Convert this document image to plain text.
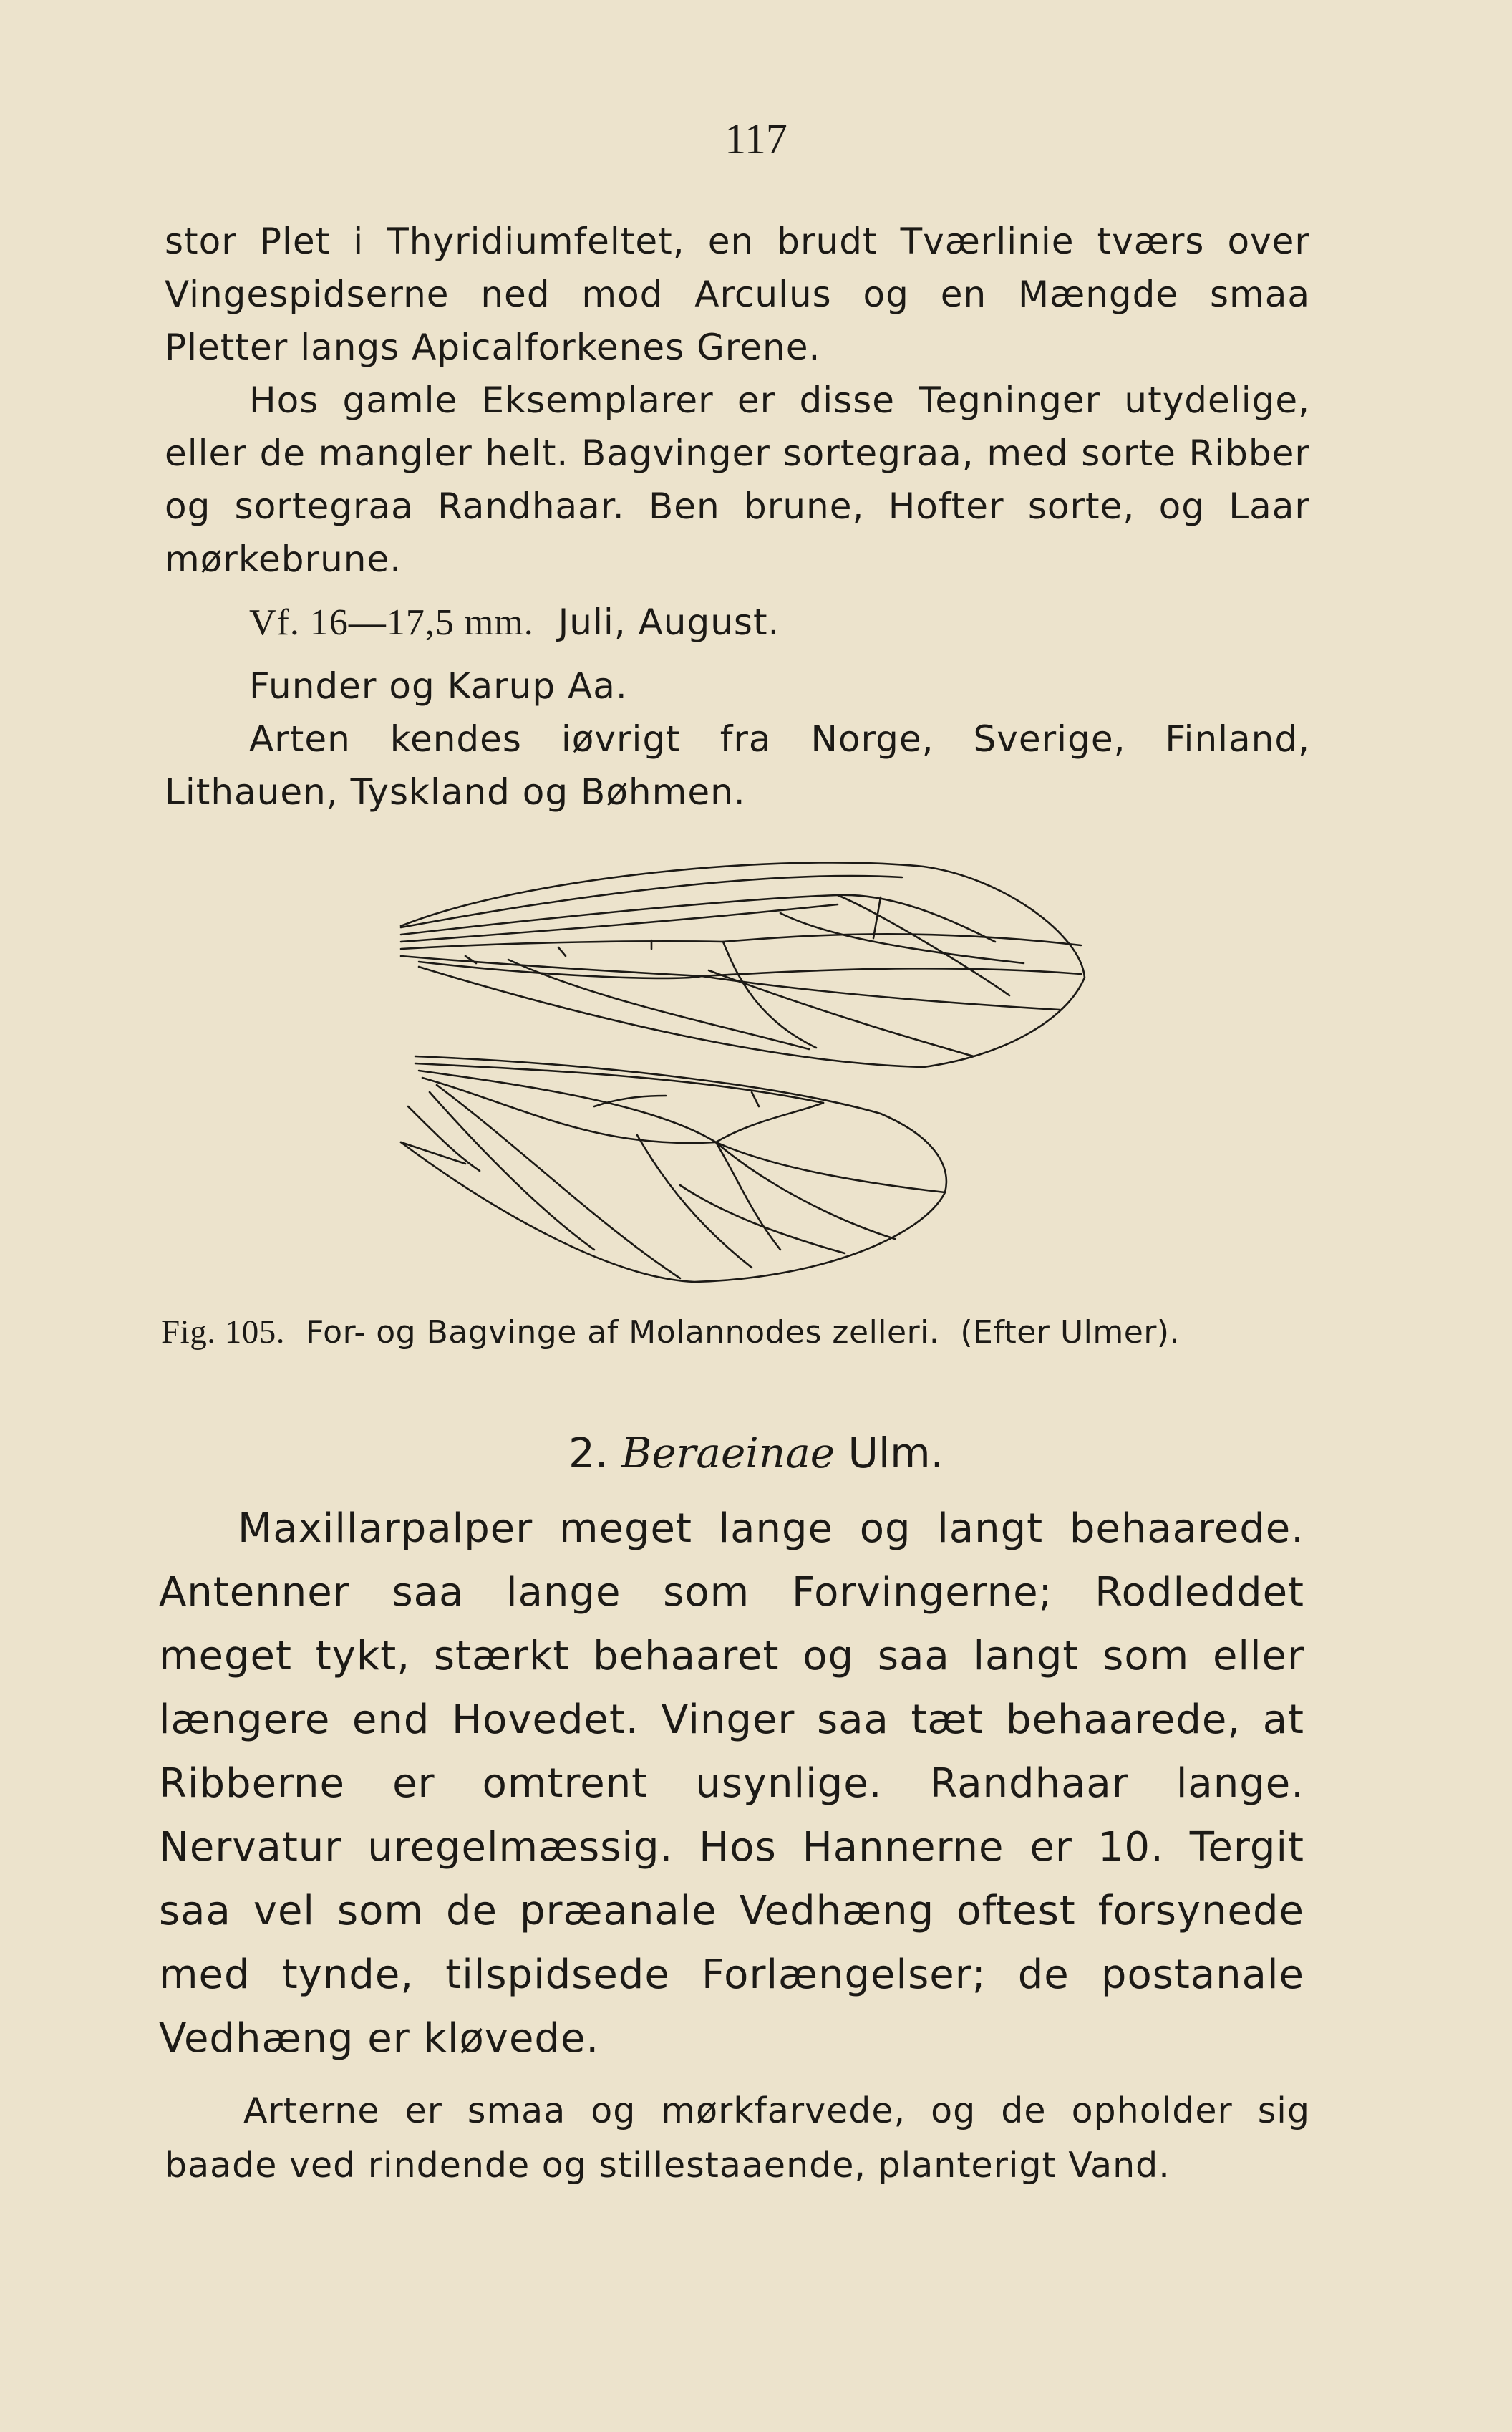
117

stor Plet i Thyridiumfeltet, en brudt Tværlinie tværs over Vingespidserne ned mod Arculus og en Mængde smaa Pletter langs Apicalforkenes Grene.

Hos gamle Eksemplarer er disse Tegninger utydelige, eller de mangler helt. Bagvinger sortegraa, med sorte Ribber og sortegraa Randhaar. Ben brune, Hofter sorte, og Laar mørkebrune.

Vf. 16—17,5 mm. Juli, August.

Funder og Karup Aa.

Arten kendes iøvrigt fra Norge, Sverige, Finland, Lithauen, Tyskland og Bøhmen.

Fig. 105. For- og Bagvinge af Molannodes zelleri. (Efter Ulmer).
2. Beraeinae Ulm.

Maxillarpalper meget lange og langt behaarede. Antenner saa lange som Forvingerne; Rodleddet meget tykt, stærkt behaaret og saa langt som eller længere end Hovedet. Vinger saa tæt behaarede, at Ribberne er omtrent usynlige. Randhaar lange. Nervatur uregelmæssig. Hos Hannerne er 10. Tergit saa vel som de præanale Vedhæng oftest forsynede med tynde, tilspidsede Forlængelser; de postanale Vedhæng er kløvede.

Arterne er smaa og mørkfarvede, og de opholder sig baade ved rindende og stillestaaende, planterigt Vand.
